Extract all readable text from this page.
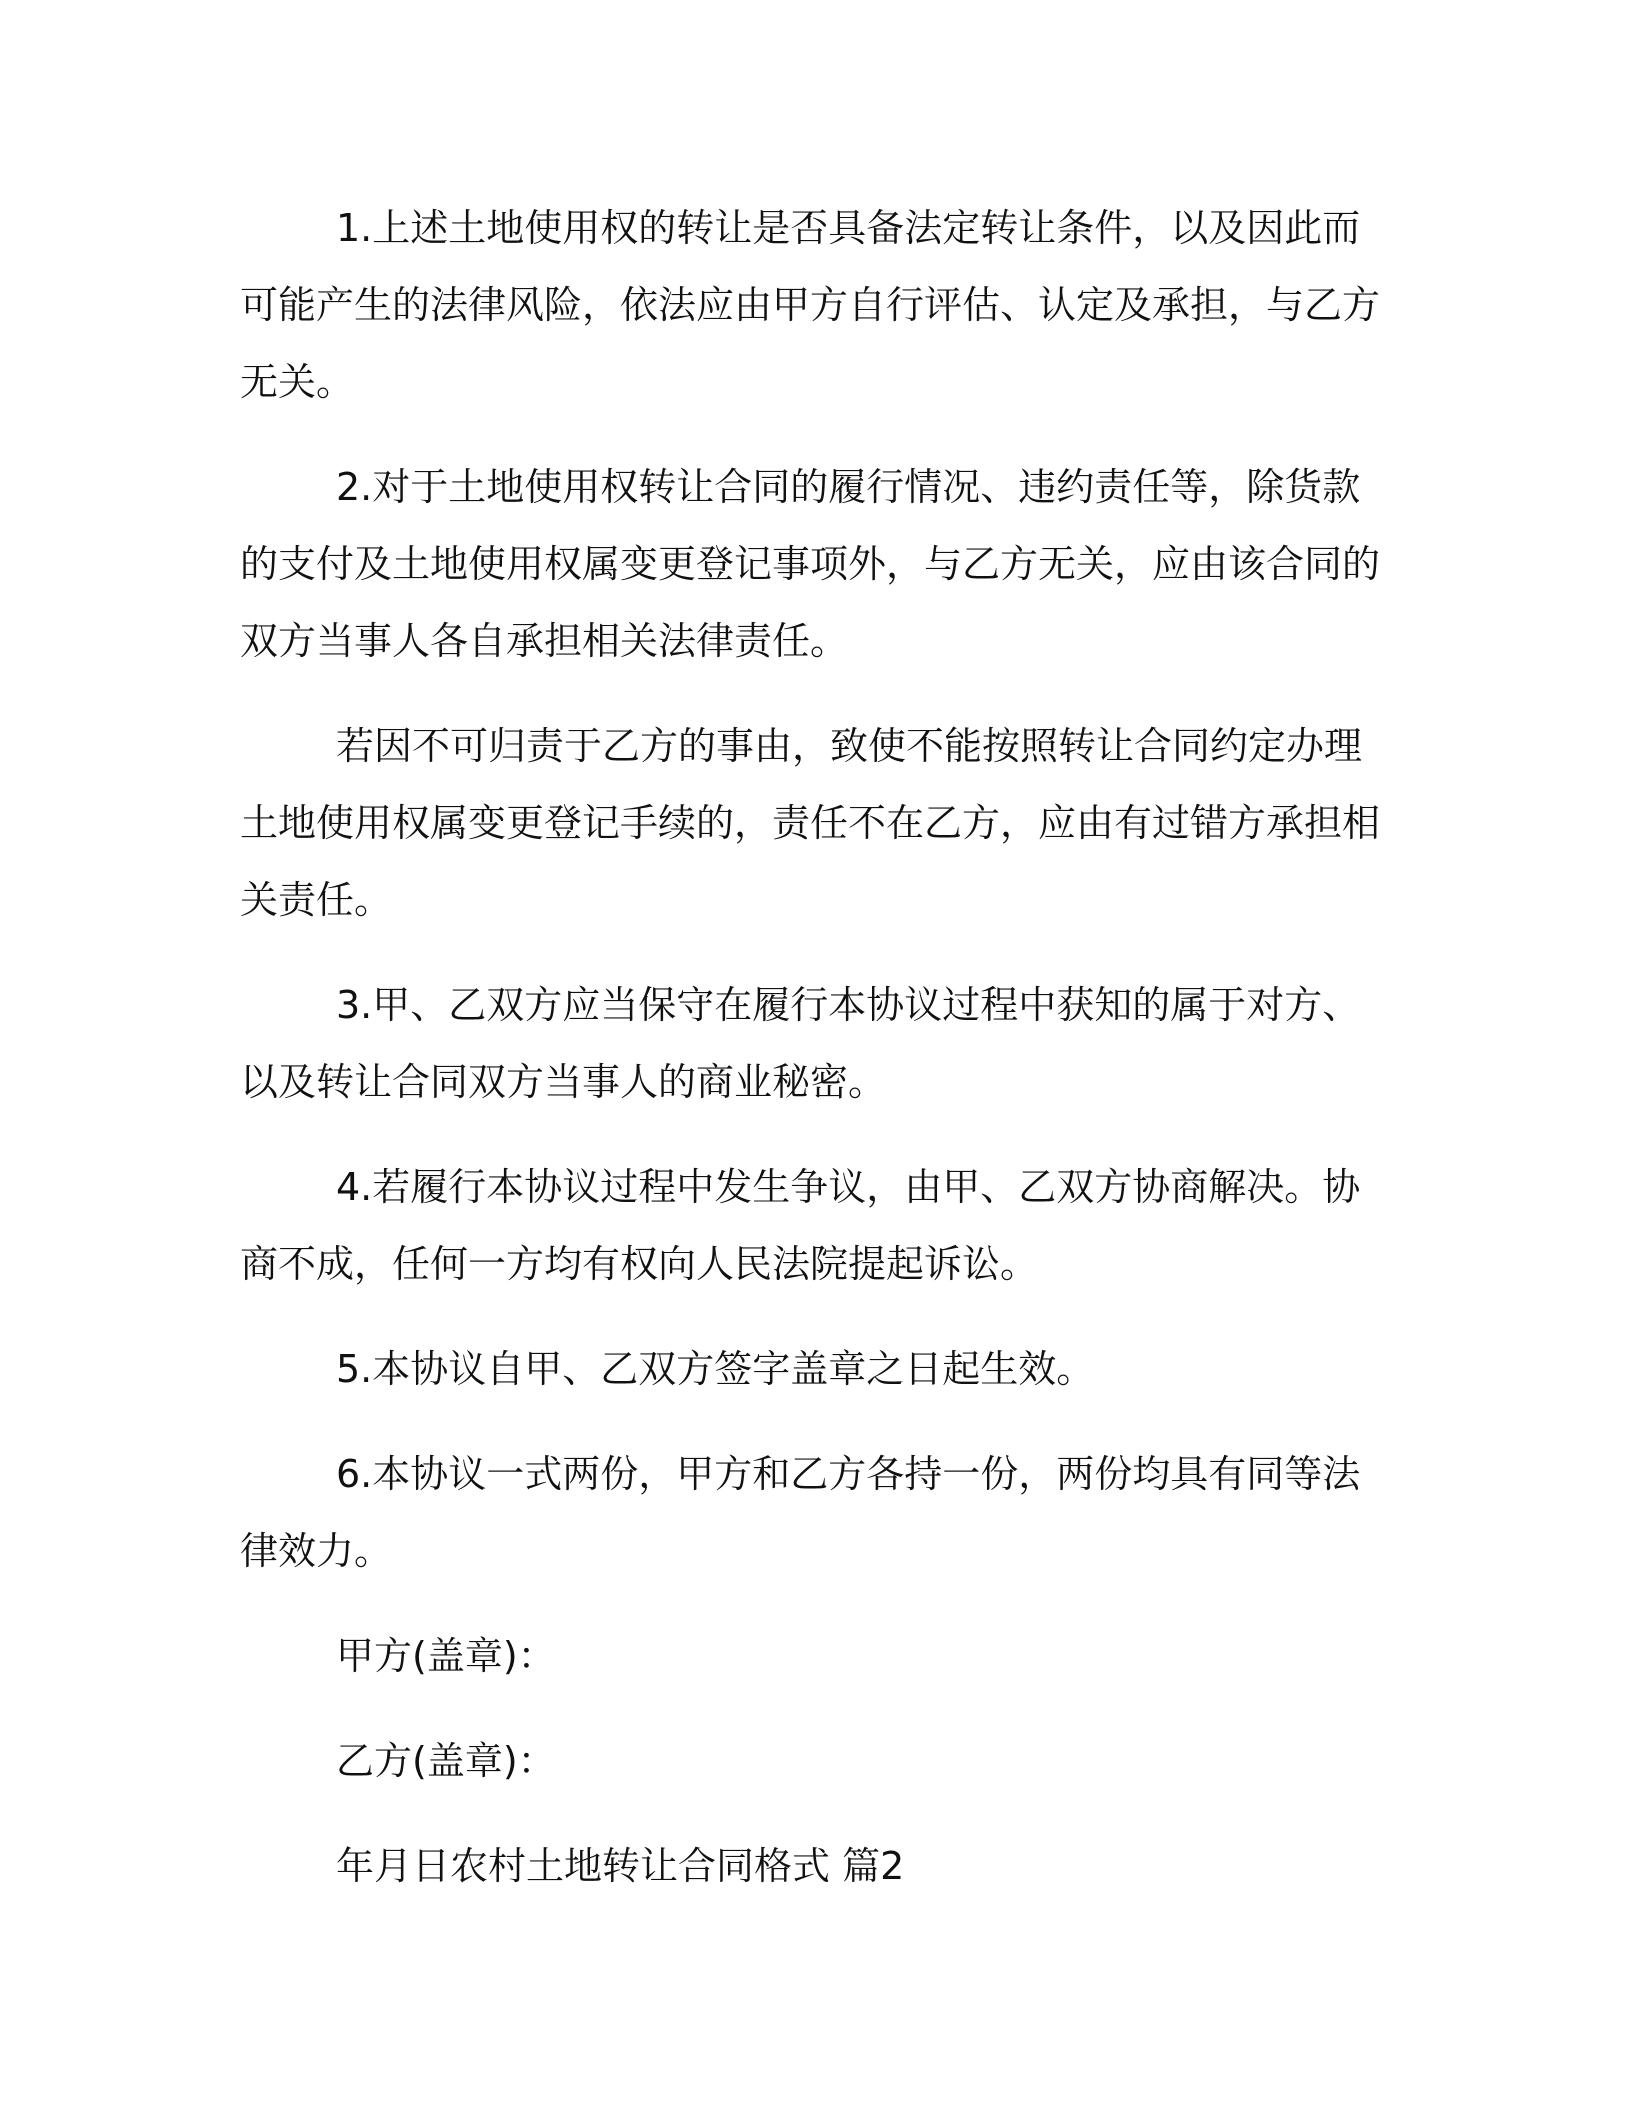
1.上述土地使用权的转让是否具备法定转让条件，以及因此而可能产生的法律风险，依法应由甲方自行评估、认定及承担，与乙方无关。

2.对于土地使用权转让合同的履行情况、违约责任等，除货款的支付及土地使用权属变更登记事项外，与乙方无关，应由该合同的双方当事人各自承担相关法律责任。

若因不可归责于乙方的事由，致使不能按照转让合同约定办理土地使用权属变更登记手续的，责任不在乙方，应由有过错方承担相关责任。

3.甲、乙双方应当保守在履行本协议过程中获知的属于对方、以及转让合同双方当事人的商业秘密。

4.若履行本协议过程中发生争议，由甲、乙双方协商解决。协商不成，任何一方均有权向人民法院提起诉讼。

5.本协议自甲、乙双方签字盖章之日起生效。

6.本协议一式两份，甲方和乙方各持一份，两份均具有同等法律效力。

甲方(盖章)：

乙方(盖章)：

年月日农村土地转让合同格式 篇2
